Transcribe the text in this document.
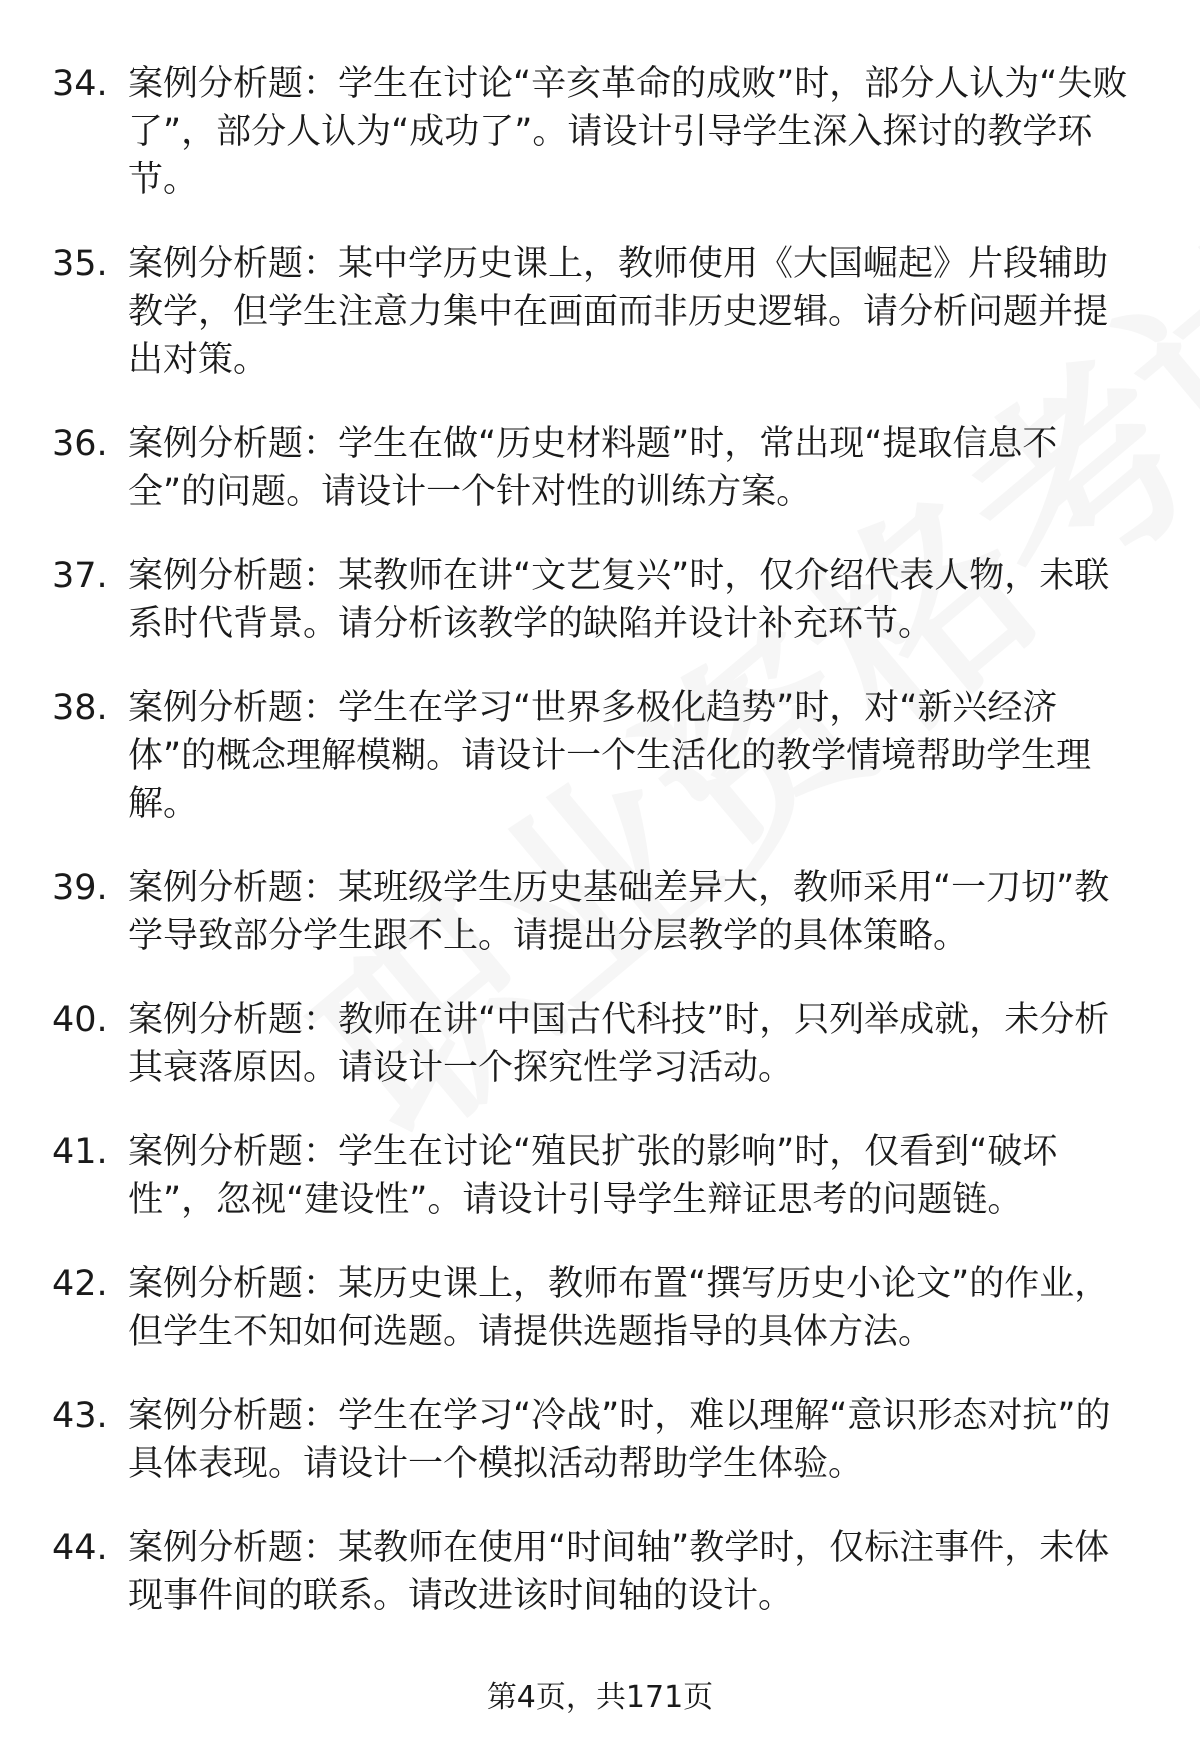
34. 案例分析题：学生在讨论“辛亥革命的成败”时，部分人认为“失败了”，部分人认为“成功了”。请设计引导学生深入探讨的教学环节。
35. 案例分析题：某中学历史课上，教师使用《大国崛起》片段辅助教学，但学生注意力集中在画面而非历史逻辑。请分析问题并提出对策。
36. 案例分析题：学生在做“历史材料题”时，常出现“提取信息不全”的问题。请设计一个针对性的训练方案。
37. 案例分析题：某教师在讲“文艺复兴”时，仅介绍代表人物，未联系时代背景。请分析该教学的缺陷并设计补充环节。
38. 案例分析题：学生在学习“世界多极化趋势”时，对“新兴经济体”的概念理解模糊。请设计一个生活化的教学情境帮助学生理解。
39. 案例分析题：某班级学生历史基础差异大，教师采用“一刀切”教学导致部分学生跟不上。请提出分层教学的具体策略。
40. 案例分析题：教师在讲“中国古代科技”时，只列举成就，未分析其衰落原因。请设计一个探究性学习活动。
41. 案例分析题：学生在讨论“殖民扩张的影响”时，仅看到“破坏性”，忽视“建设性”。请设计引导学生辩证思考的问题链。
42. 案例分析题：某历史课上，教师布置“撰写历史小论文”的作业，但学生不知如何选题。请提供选题指导的具体方法。
43. 案例分析题：学生在学习“冷战”时，难以理解“意识形态对抗”的具体表现。请设计一个模拟活动帮助学生体验。
44. 案例分析题：某教师在使用“时间轴”教学时，仅标注事件，未体现事件间的联系。请改进该时间轴的设计。
第4页，共171页
